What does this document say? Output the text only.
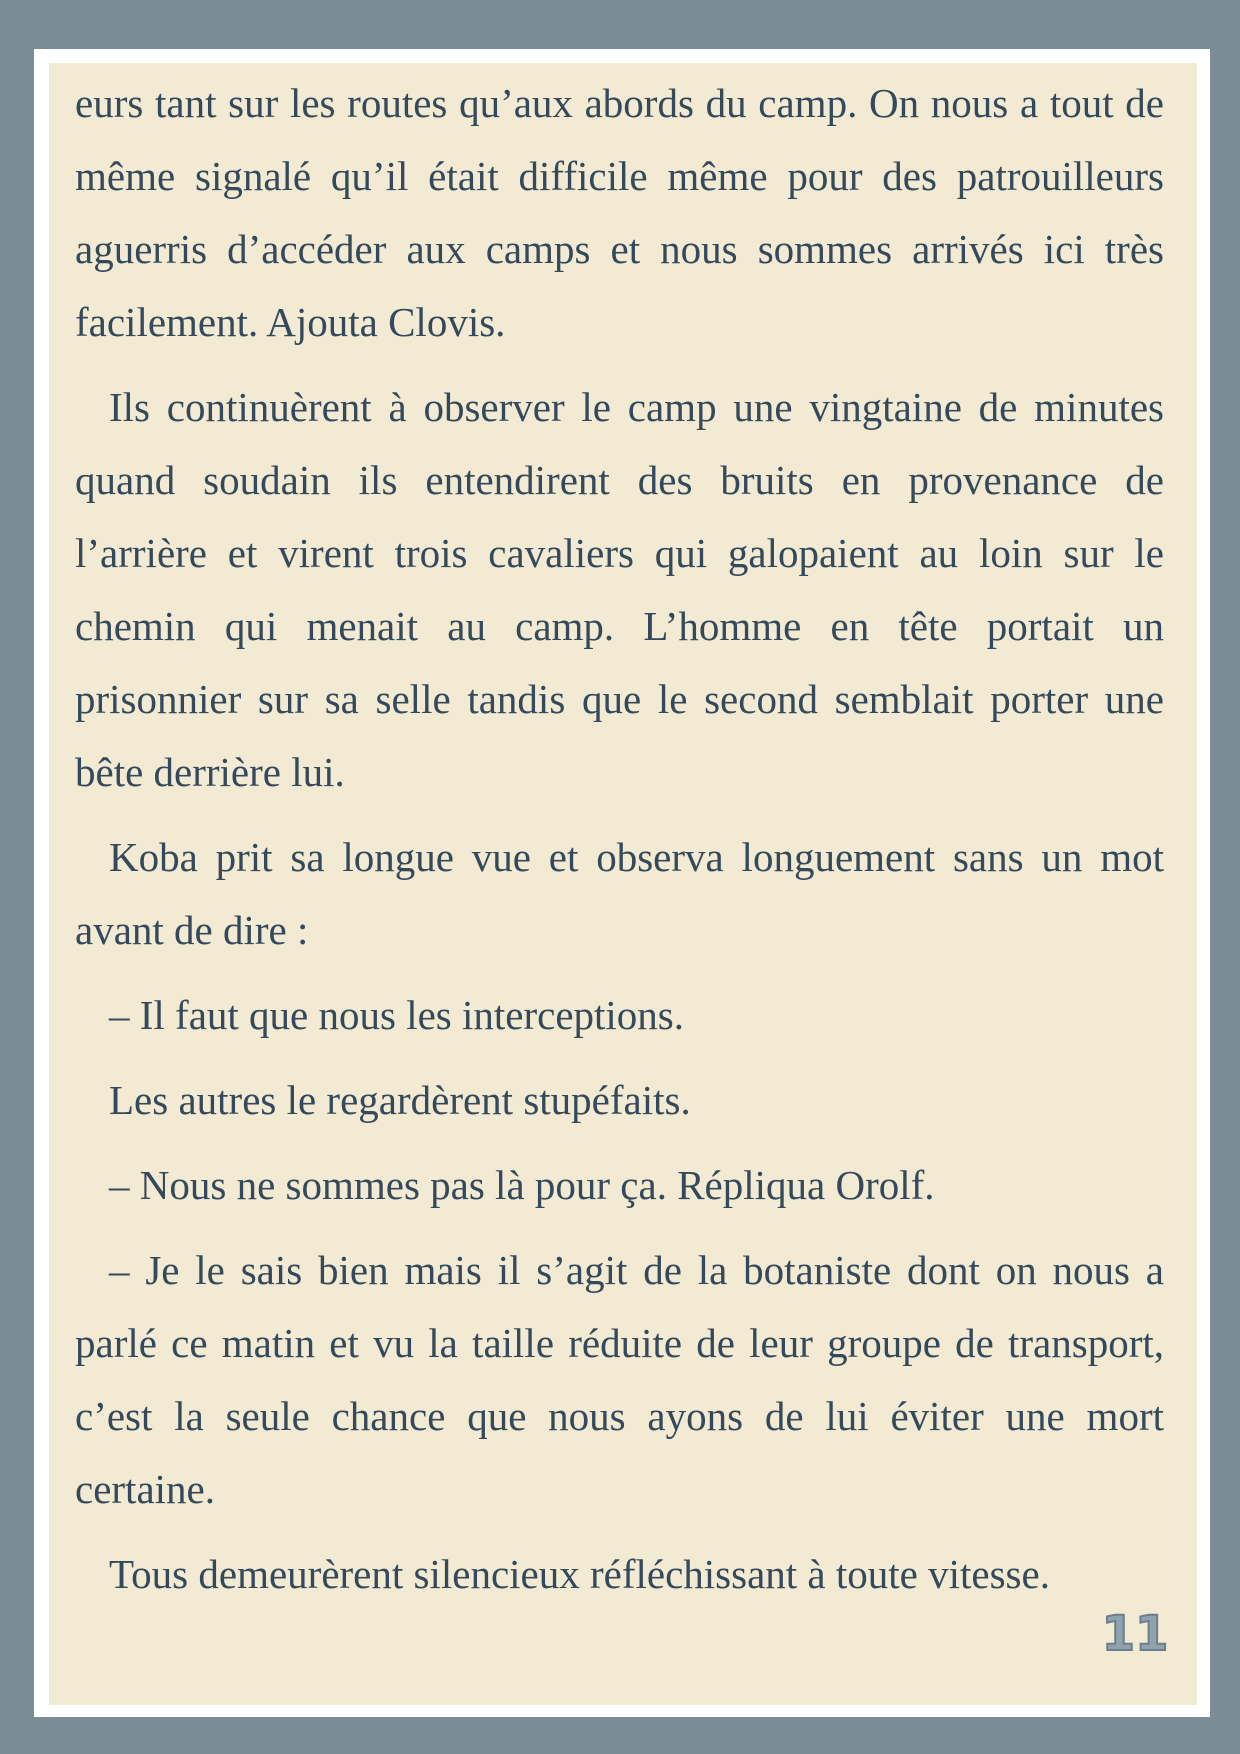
eurs tant sur les routes qu’aux abords du camp. On nous a tout de même signalé qu’il était difficile même pour des patrouilleurs aguerris d’accéder aux camps et nous sommes arrivés ici très facilement. Ajouta Clovis.

Ils continuèrent à observer le camp une vingtaine de minutes quand soudain ils entendirent des bruits en provenance de l’arrière et virent trois cavaliers qui galopaient au loin sur le chemin qui menait au camp. L’homme en tête portait un prisonnier sur sa selle tandis que le second semblait porter une bête derrière lui.

Koba prit sa longue vue et observa longuement sans un mot avant de dire :

– Il faut que nous les interceptions.

Les autres le regardèrent stupéfaits.

– Nous ne sommes pas là pour ça. Répliqua Orolf.

– Je le sais bien mais il s’agit de la botaniste dont on nous a parlé ce matin et vu la taille réduite de leur groupe de transport, c’est la seule chance que nous ayons de lui éviter une mort certaine.

Tous demeurèrent silencieux réfléchissant à toute vitesse.

11
